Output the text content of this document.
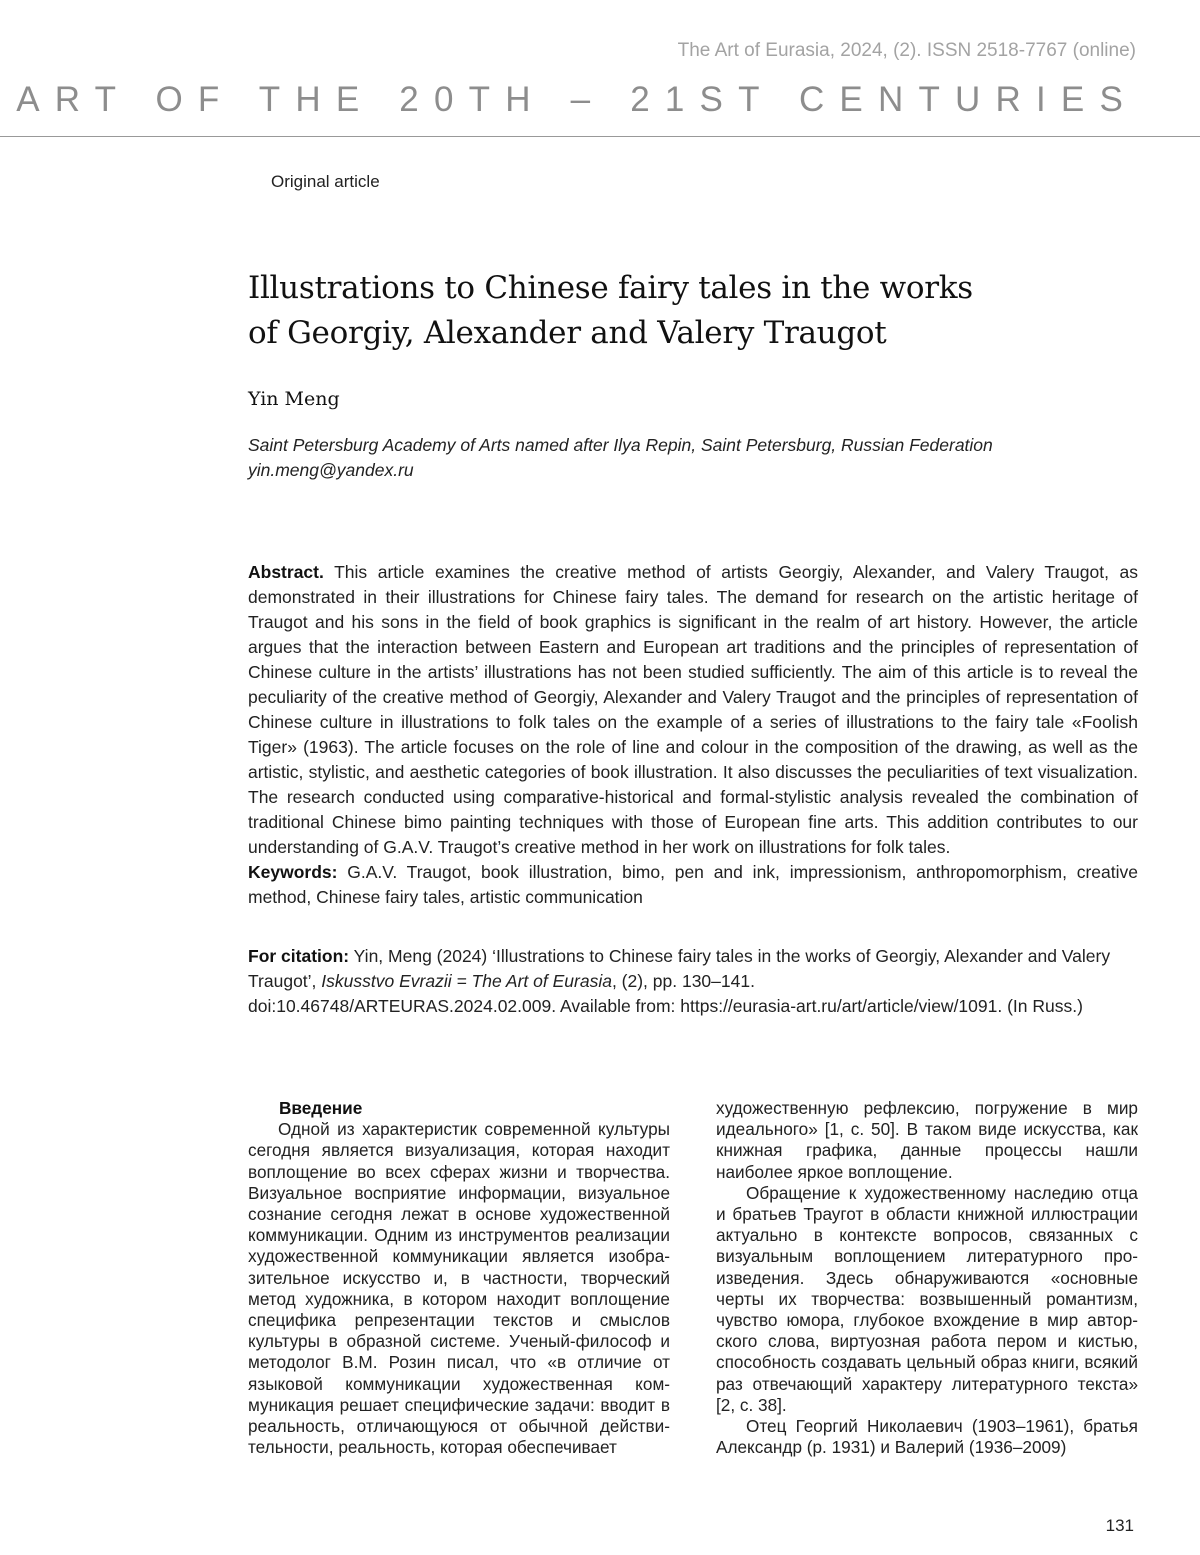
The Art of Eurasia, 2024, (2). ISSN 2518-7767 (online)
ART OF THE 20TH – 21ST CENTURIES
Original article
Illustrations to Chinese fairy tales in the works
of Georgiy, Alexander and Valery Traugot
Yin Meng
Saint Petersburg Academy of Arts named after Ilya Repin, Saint Petersburg, Russian Federation
yin.meng@yandex.ru

Abstract. This article examines the creative method of artists Georgiy, Alexander, and Valery Traugot, as demonstrated in their illustrations for Chinese fairy tales. The demand for research on the artistic heritage of Traugot and his sons in the field of book graphics is significant in the realm of art history. However, the article argues that the interaction between Eastern and European art traditions and the principles of representation of Chinese culture in the artists’ illustrations has not been studied sufficiently. The aim of this article is to reveal the peculiarity of the creative method of Georgiy, Alexander and Valery Traugot and the principles of representation of Chinese culture in illustrations to folk tales on the example of a series of illustrations to the fairy tale «Foolish Tiger» (1963). The article focuses on the role of line and colour in the composition of the drawing, as well as the artistic, stylistic, and aesthetic categories of book illustration. It also discusses the peculiarities of text visualization. The research conducted using comparative-historical and formal-stylistic analysis revealed the combination of traditional Chinese bimo painting techniques with those of European fine arts. This addition contributes to our understanding of G.A.V. Traugot’s creative method in her work on illustrations for folk tales.

Keywords: G.A.V. Traugot, book illustration, bimo, pen and ink, impressionism, anthropomorphism, creative method, Chinese fairy tales, artistic communication

For citation: Yin, Meng (2024) ‘Illustrations to Chinese fairy tales in the works of Georgiy, Alexander and Valery Traugot’, Iskusstvo Evrazii = The Art of Eurasia, (2), pp. 130–141.
doi:10.46748/ARTEURAS.2024.02.009. Available from: https://eurasia-art.ru/art/article/view/1091. (In Russ.)

Введение

Одной из характеристик современной культуры сегодня является визуализация, которая находит воплощение во всех сферах жизни и творчества. Визуальное восприятие информации, визуальное сознание сегодня лежат в основе художественной коммуникации. Одним из инструментов реализации художественной коммуникации является изобразительное искусство и, в частности, творческий метод художника, в котором находит воплощение специфика репрезентации текстов и смыслов культуры в образной системе. Ученый-философ и методолог В.М. Розин писал, что «в отличие от языковой коммуникации художественная коммуникация решает специфические задачи: вводит в реальность, отличающуюся от обычной действительности, реальность, которая обеспечивает

художественную рефлексию, погружение в мир идеального» [1, с. 50]. В таком виде искусства, как книжная графика, данные процессы нашли наиболее яркое воплощение.

Обращение к художественному наследию отца и братьев Траугот в области книжной иллюстрации актуально в контексте вопросов, связанных с визуальным воплощением литературного произведения. Здесь обнаруживаются «основные черты их творчества: возвышенный романтизм, чувство юмора, глубокое вхождение в мир авторского слова, виртуозная работа пером и кистью, способность создавать цельный образ книги, всякий раз отвечающий характеру литературного текста» [2, с. 38].

Отец Георгий Николаевич (1903–1961), братья Александр (р. 1931) и Валерий (1936–2009)

131
